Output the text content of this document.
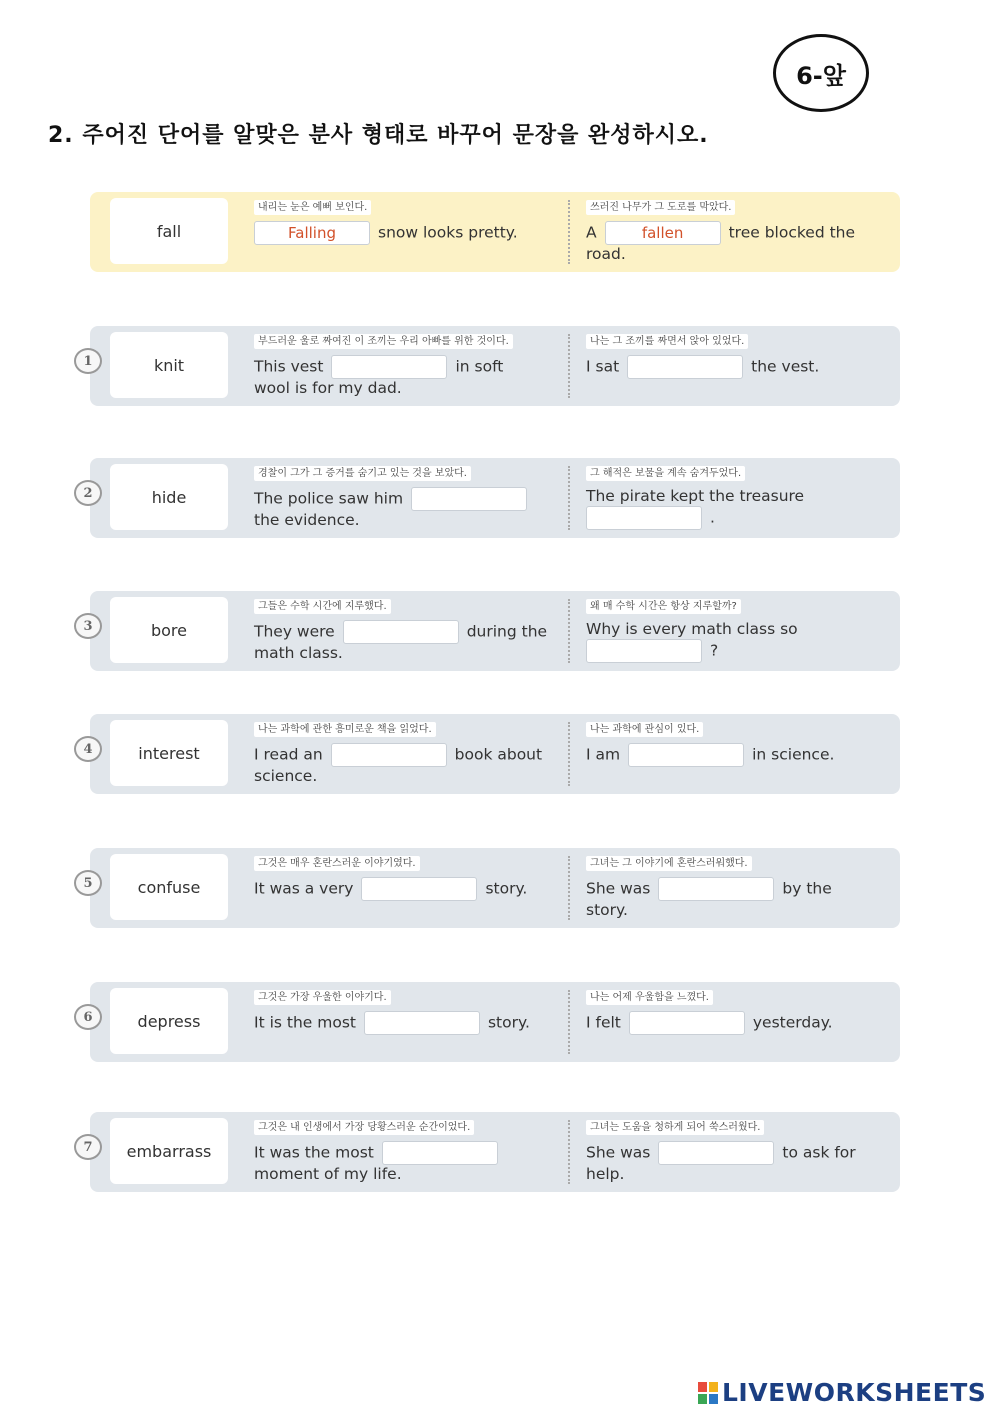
6-앞
2. 주어진 단어를 알맞은 분사 형태로 바꾸어 문장을 완성하시오.
fall
내리는 눈은 예뻐 보인다.
Falling	snow looks pretty.
쓰러진 나무가 그 도로를 막았다.
A	fallen	tree blocked the
road.
1	knit
부드러운 울로 짜여진 이 조끼는 우리 아빠를 위한 것이다.
This vest	in soft
wool is for my dad.
나는 그 조끼를 짜면서 앉아 있었다.
I sat	the vest.
2	hide
경찰이 그가 그 증거를 숨기고 있는 것을 보았다.
The police saw him
the evidence.
그 해적은 보물을 계속 숨겨두었다.
The pirate kept the treasure
.
3	bore
그들은 수학 시간에 지루했다.
They were	during the
math class.
왜 매 수학 시간은 항상 지루할까?
Why is every math class so
?
4	interest
나는 과학에 관한 흥미로운 책을 읽었다.
I read an	book about
science.
나는 과학에 관심이 있다.
I am	in science.
5	confuse
그것은 매우 혼란스러운 이야기였다.
It was a very	story.
그녀는 그 이야기에 혼란스러워했다.
She was	by the
story.
6	depress
그것은 가장 우울한 이야기다.
It is the most	story.
나는 어제 우울함을 느꼈다.
I felt	yesterday.
7	embarrass
그것은 내 인생에서 가장 당황스러운 순간이었다.
It was the most
moment of my life.
그녀는 도움을 청하게 되어 쑥스러웠다.
She was	to ask for
help.
LIVEWORKSHEETS
